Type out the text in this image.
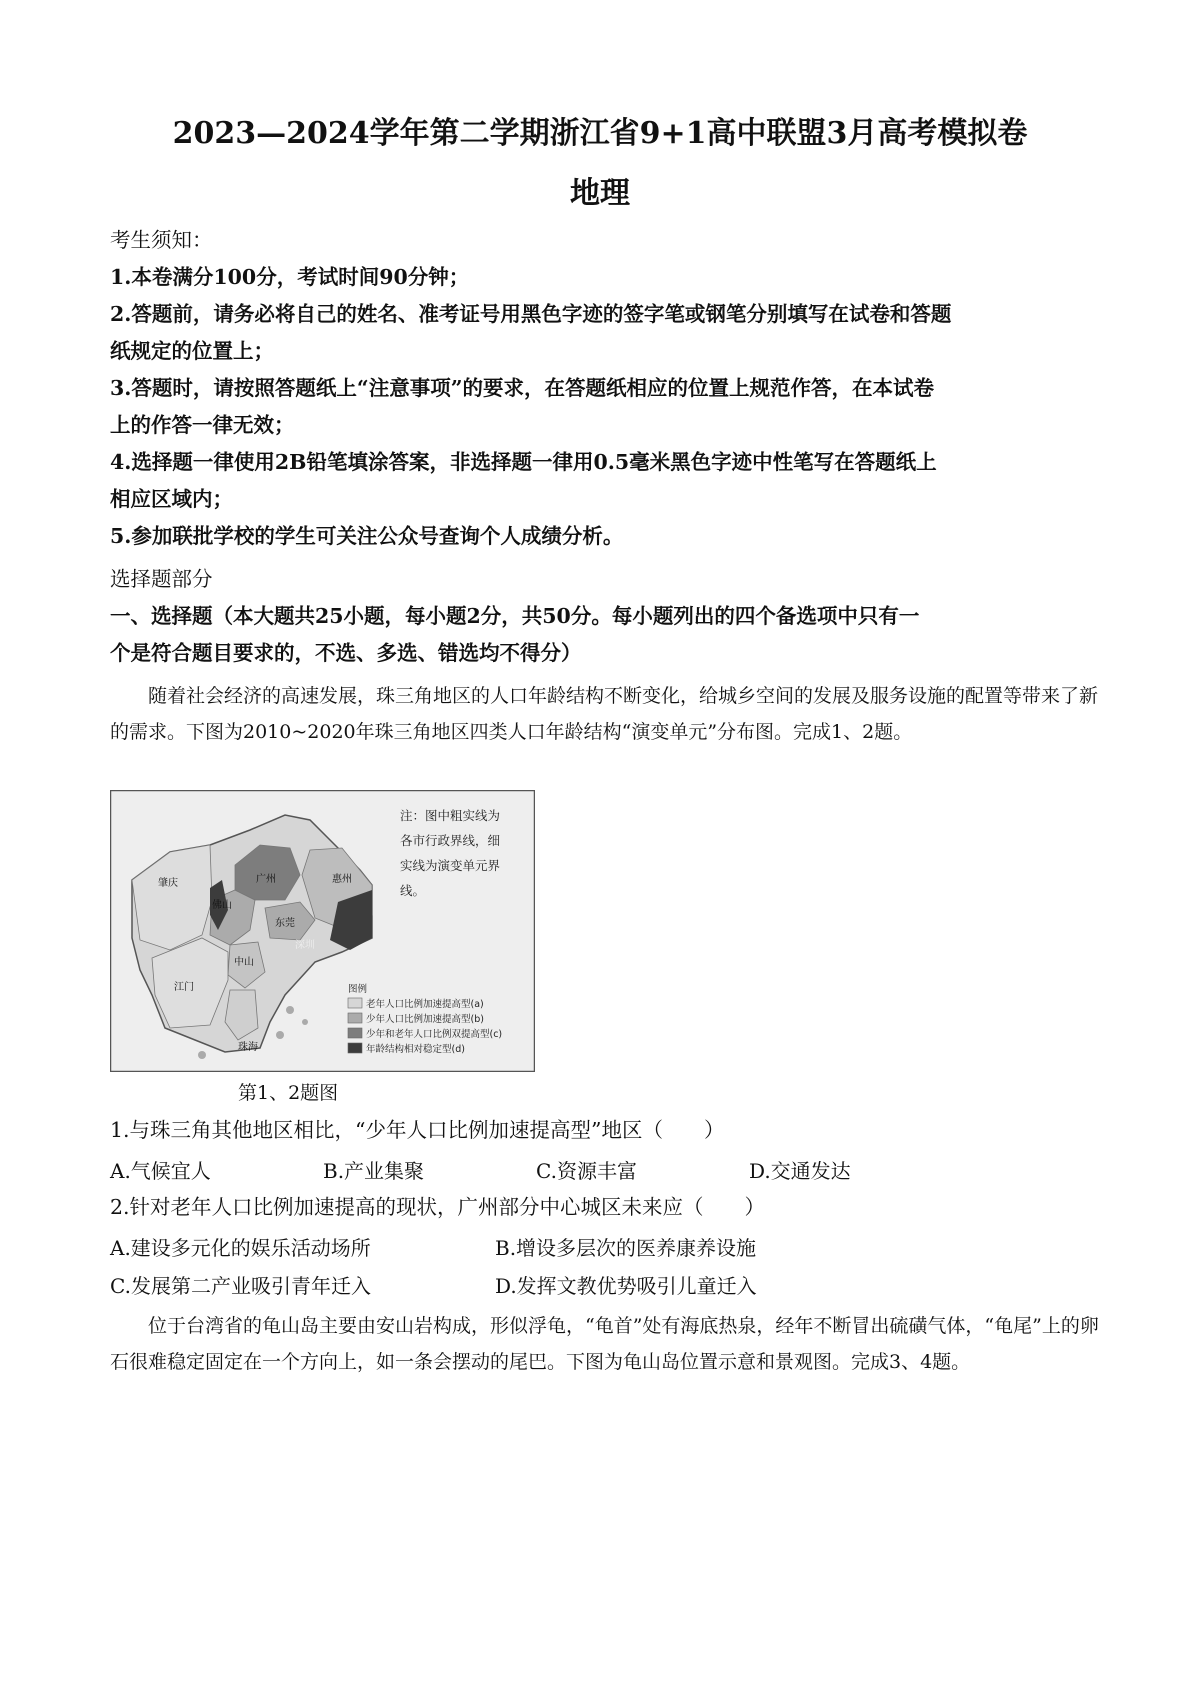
2023—2024学年第二学期浙江省9+1高中联盟3月高考模拟卷
地理
考生须知：
1.本卷满分100分，考试时间90分钟；
2.答题前，请务必将自己的姓名、准考证号用黑色字迹的签字笔或钢笔分别填写在试卷和答题
纸规定的位置上；
3.答题时，请按照答题纸上“注意事项”的要求，在答题纸相应的位置上规范作答，在本试卷
上的作答一律无效；
4.选择题一律使用2B铅笔填涂答案，非选择题一律用0.5毫米黑色字迹中性笔写在答题纸上
相应区域内；
5.参加联批学校的学生可关注公众号查询个人成绩分析。
选择题部分
一、选择题（本大题共25小题，每小题2分，共50分。每小题列出的四个备选项中只有一
个是符合题目要求的，不选、多选、错选均不得分）
随着社会经济的高速发展，珠三角地区的人口年龄结构不断变化，给城乡空间的发展及服务设施的配置等带来了新的需求。下图为2010~2020年珠三角地区四类人口年龄结构“演变单元”分布图。完成1、2题。
注：图中粗实线为
各市行政界线，细
实线为演变单元界
线。
肇庆
佛山
广州
东莞
惠州
深圳
中山
江门
珠海
图例
老年人口比例加速提高型(a)
少年人口比例加速提高型(b)
少年和老年人口比例双提高型(c)
年龄结构相对稳定型(d)
第1、2题图
1.与珠三角其他地区相比，“少年人口比例加速提高型”地区（　　）
A.气候宜人	B.产业集聚	C.资源丰富	D.交通发达
2.针对老年人口比例加速提高的现状，广州部分中心城区未来应（　　）
A.建设多元化的娱乐活动场所	B.增设多层次的医养康养设施
C.发展第二产业吸引青年迁入	D.发挥文教优势吸引儿童迁入
位于台湾省的龟山岛主要由安山岩构成，形似浮龟，“龟首”处有海底热泉，经年不断冒出硫磺气体，“龟尾”上的卵石很难稳定固定在一个方向上，如一条会摆动的尾巴。下图为龟山岛位置示意和景观图。完成3、4题。
